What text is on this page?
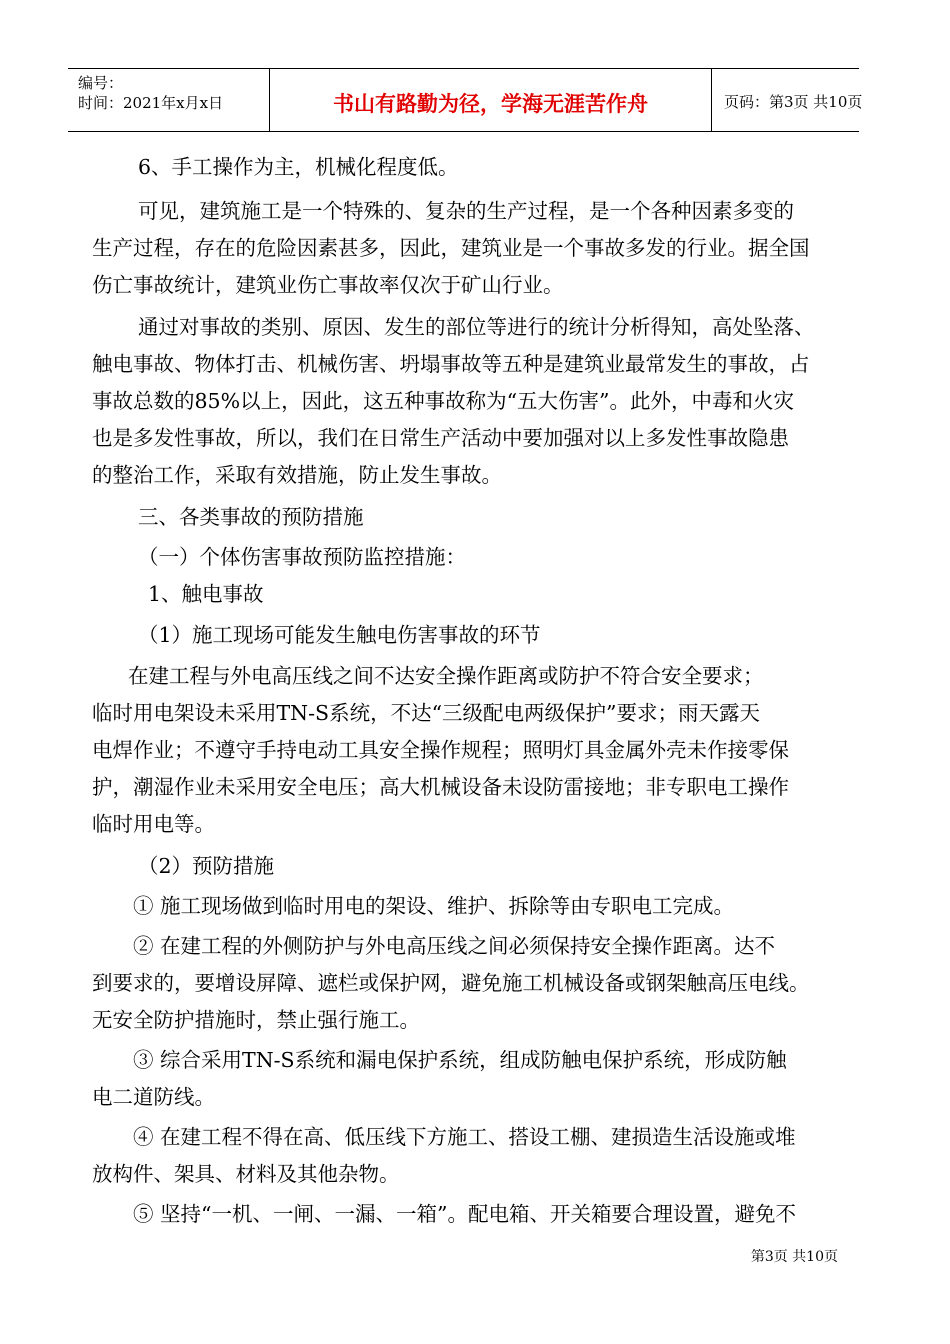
编号：
时间：2021年x月x日	书山有路勤为径，学海无涯苦作舟	页码：第3页 共10页
6、手工操作为主，机械化程度低。
可见，建筑施工是一个特殊的、复杂的生产过程，是一个各种因素多变的
生产过程，存在的危险因素甚多，因此，建筑业是一个事故多发的行业。据全国
伤亡事故统计，建筑业伤亡事故率仅次于矿山行业。
通过对事故的类别、原因、发生的部位等进行的统计分析得知，高处坠落、
触电事故、物体打击、机械伤害、坍塌事故等五种是建筑业最常发生的事故，占
事故总数的85%以上，因此，这五种事故称为“五大伤害”。此外，中毒和火灾
也是多发性事故，所以，我们在日常生产活动中要加强对以上多发性事故隐患
的整治工作，采取有效措施，防止发生事故。
三、各类事故的预防措施
（一）个体伤害事故预防监控措施：
1、触电事故
（1）施工现场可能发生触电伤害事故的环节
在建工程与外电高压线之间不达安全操作距离或防护不符合安全要求；
临时用电架设未采用TN-S系统，不达“三级配电两级保护”要求；雨天露天
电焊作业；不遵守手持电动工具安全操作规程；照明灯具金属外壳未作接零保
护，潮湿作业未采用安全电压；高大机械设备未设防雷接地；非专职电工操作
临时用电等。
（2）预防措施
① 施工现场做到临时用电的架设、维护、拆除等由专职电工完成。
② 在建工程的外侧防护与外电高压线之间必须保持安全操作距离。达不
到要求的，要增设屏障、遮栏或保护网，避免施工机械设备或钢架触高压电线。
无安全防护措施时，禁止强行施工。
③ 综合采用TN-S系统和漏电保护系统，组成防触电保护系统，形成防触
电二道防线。
④ 在建工程不得在高、低压线下方施工、搭设工棚、建损造生活设施或堆
放构件、架具、材料及其他杂物。
⑤ 坚持“一机、一闸、一漏、一箱”。配电箱、开关箱要合理设置，避免不
第3页 共10页
